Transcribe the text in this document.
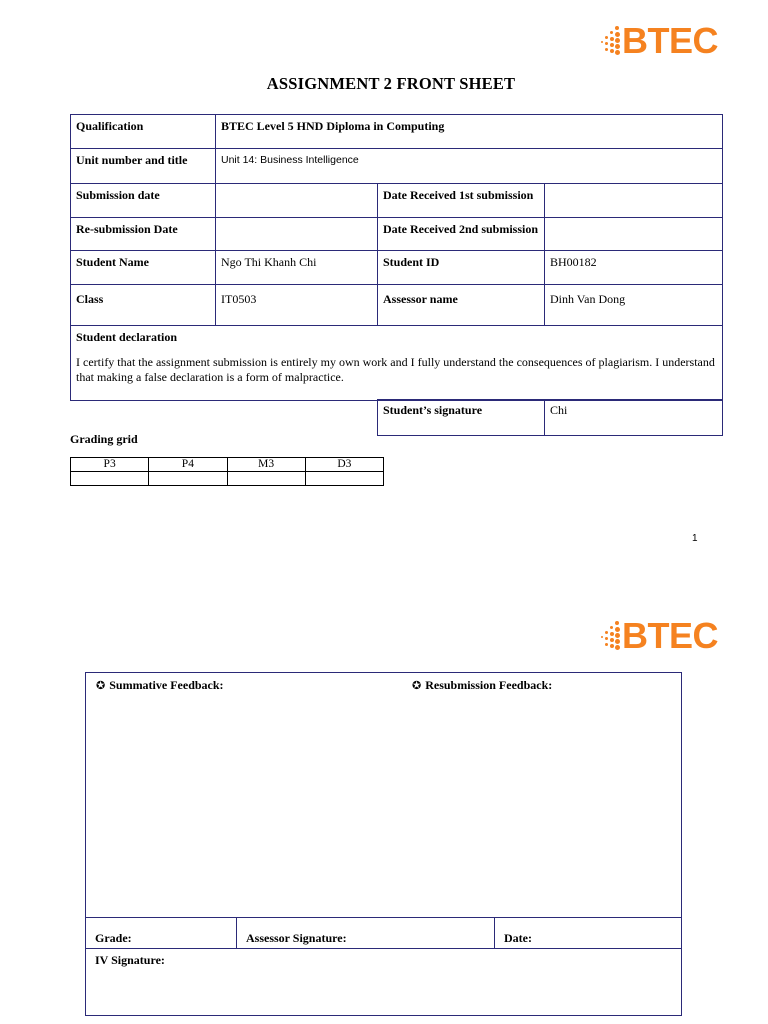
BTEC
ASSIGNMENT 2 FRONT SHEET
Qualification	BTEC Level 5 HND Diploma in Computing		
Unit number and title	Unit 14: Business Intelligence		
Submission date		Date Received 1st submission	
Re-submission Date		Date Received 2nd submission	
Student Name	Ngo Thi Khanh Chi	Student ID	BH00182
Class	IT0503	Assessor name	Dinh Van Dong

Student declaration
I certify that the assignment submission is entirely my own work and I fully understand the consequences of plagiarism. I understand that making a false declaration is a form of malpractice.			
Student’s signature	Chi
Grading grid
P3	P4	M3	D3

1
BTEC
✪ Summative Feedback:	✪ Resubmission Feedback:
Grade:	Assessor Signature:	Date:
IV Signature:
